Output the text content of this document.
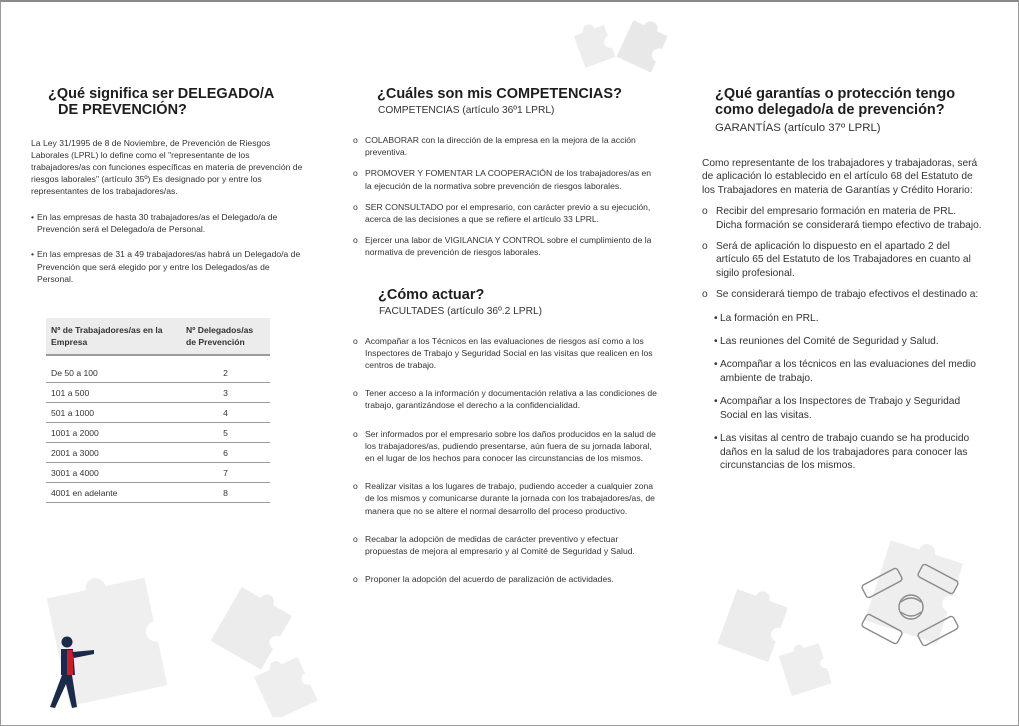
¿Qué significa ser DELEGADO/A
DE PREVENCIÓN?
La Ley 31/1995 de 8 de Noviembre, de Prevención de Riesgos Laborales (LPRL) lo define como el "representante de los trabajadores/as con funciones específicas en materia de prevención de riesgos laborales" (artículo 35º) Es designado por y entre los representantes de los trabajadores/as.
• En las empresas de hasta 30 trabajadores/as el Delegado/a de Prevención será el Delegado/a de Personal.
• En las empresas de 31 a 49 trabajadores/as habrá un Delegado/a de Prevención que será elegido por y entre los Delegados/as de Personal.
Nº de Trabajadores/as en la Empresa	Nº Delegados/as de Prevención

De 50 a 100	2
101 a 500	3
501 a 1000	4
1001 a 2000	5
2001 a 3000	6
3001 a 4000	7
4001 en adelante	8
¿Cuáles son mis COMPETENCIAS?
COMPETENCIAS (artículo 36º1 LPRL)
o COLABORAR con la dirección de la empresa en la mejora de la acción preventiva.
o PROMOVER Y FOMENTAR LA COOPERACIÓN de los trabajadores/as en la ejecución de la normativa sobre prevención de riesgos laborales.
o SER CONSULTADO por el empresario, con carácter previo a su ejecución, acerca de las decisiones a que se refiere el artículo 33 LPRL.
o Ejercer una labor de VIGILANCIA Y CONTROL sobre el cumplimiento de la normativa de prevención de riesgos laborales.
¿Cómo actuar?
FACULTADES (artículo 36º.2 LPRL)
o Acompañar a los Técnicos en las evaluaciones de riesgos así como a los Inspectores de Trabajo y Seguridad Social en las visitas que realicen en los centros de trabajo.
o Tener acceso a la información y documentación relativa a las condiciones de trabajo, garantizándose el derecho a la confidencialidad.
o Ser informados por el empresario sobre los daños producidos en la salud de los trabajadores/as, pudiendo presentarse, aún fuera de su jornada laboral, en el lugar de los hechos para conocer las circunstancias de los mismos.
o Realizar visitas a los lugares de trabajo, pudiendo acceder a cualquier zona de los mismos y comunicarse durante la jornada con los trabajadores/as, de manera que no se altere el normal desarrollo del proceso productivo.
o Recabar la adopción de medidas de carácter preventivo y efectuar propuestas de mejora al empresario y al Comité de Seguridad y Salud.
o Proponer la adopción del acuerdo de paralización de actividades.
¿Qué garantías o protección tengo
como delegado/a de prevención?
GARANTÍAS (artículo 37º LPRL)
Como representante de los trabajadores y trabajadoras, será de aplicación lo establecido en el artículo 68 del Estatuto de los Trabajadores en materia de Garantías y Crédito Horario:
o Recibir del empresario formación en materia de PRL. Dicha formación se considerará tiempo efectivo de trabajo.
o Será de aplicación lo dispuesto en el apartado 2 del artículo 65 del Estatuto de los Trabajadores en cuanto al sigilo profesional.
o Se considerará tiempo de trabajo efectivos el destinado a:
• La formación en PRL.
• Las reuniones del Comité de Seguridad y Salud.
• Acompañar a los técnicos en las evaluaciones del medio ambiente de trabajo.
• Acompañar a los Inspectores de Trabajo y Seguridad Social en las visitas.
• Las visitas al centro de trabajo cuando se ha producido daños en la salud de los trabajadores para conocer las circunstancias de los mismos.
